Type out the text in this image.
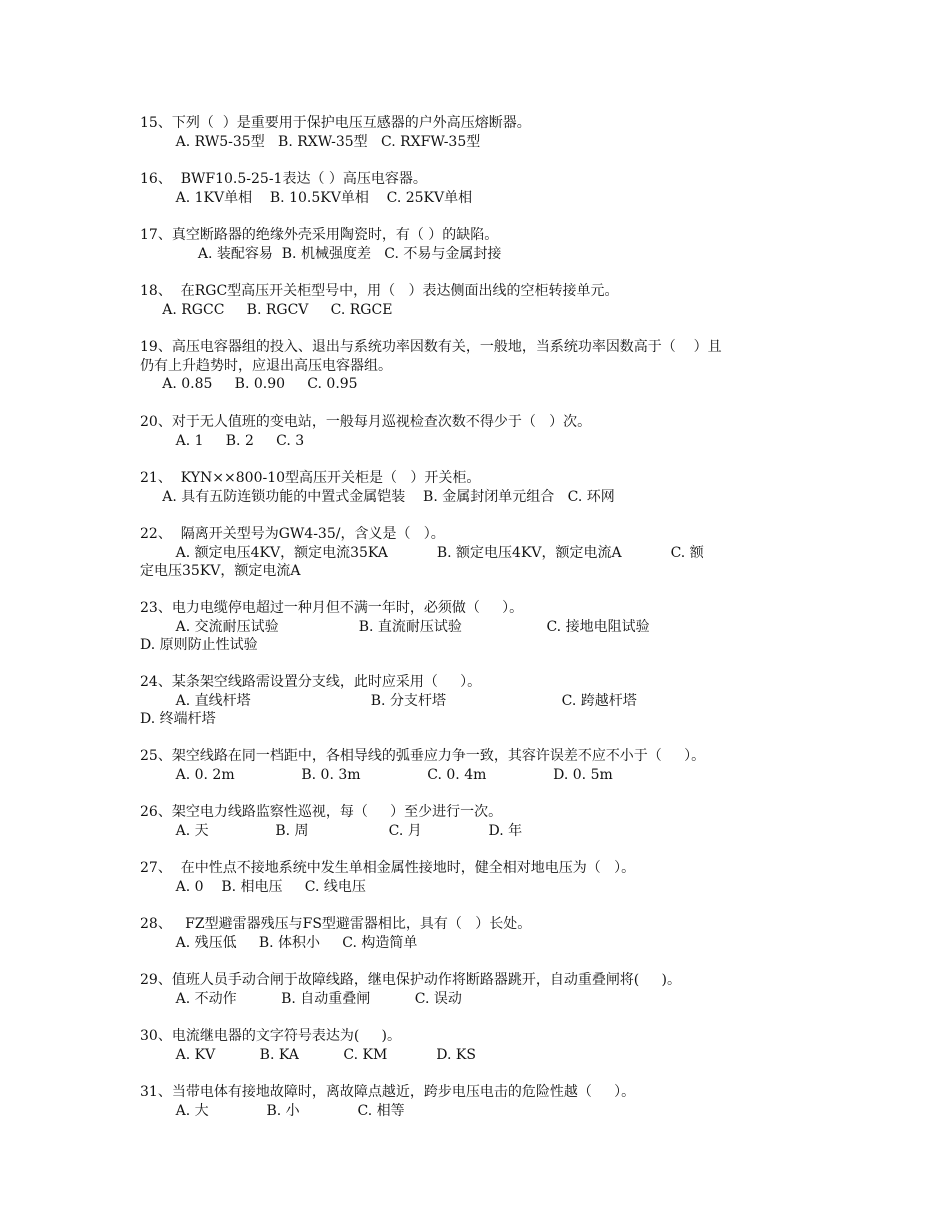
15、下列（  ）是重要用于保护电压互感器的户外高压熔断器。

A. RW5-35型   B. RXW-35型   C. RXFW-35型

16、  BWF10.5-25-1表达（ ）高压电容器。

A. 1KV单相    B. 10.5KV单相    C. 25KV单相

17、真空断路器的绝缘外壳采用陶瓷时，有（ ）的缺陷。

A. 装配容易  B. 机械强度差   C. 不易与金属封接

18、  在RGC型高压开关柜型号中，用（   ）表达侧面出线的空柜转接单元。

A. RGCC     B. RGCV     C. RGCE

19、高压电容器组的投入、退出与系统功率因数有关，一般地，当系统功率因数高于（    ）且

仍有上升趋势时，应退出高压电容器组。

A. 0.85     B. 0.90     C. 0.95

20、对于无人值班的变电站，一般每月巡视检查次数不得少于（   ）次。

A. 1     B. 2     C. 3

21、  KYN××800-10型高压开关柜是（   ）开关柜。

A. 具有五防连锁功能的中置式金属铠装    B. 金属封闭单元组合   C. 环网

22、  隔离开关型号为GW4-35/，含义是（   ）。

A. 额定电压4KV，额定电流35KA           B. 额定电压4KV，额定电流A           C. 额

定电压35KV，额定电流A

23、电力电缆停电超过一种月但不满一年时，必须做（     ）。

A. 交流耐压试验                  B. 直流耐压试验                   C. 接地电阻试验

D. 原则防止性试验

24、某条架空线路需设置分支线，此时应采用（     ）。

A. 直线杆塔                           B. 分支杆塔                          C. 跨越杆塔

D. 终端杆塔

25、架空线路在同一档距中，各相导线的弧垂应力争一致，其容许误差不应不小于（     ）。

A. 0. 2m               B. 0. 3m               C. 0. 4m               D. 0. 5m

26、架空电力线路监察性巡视，每（     ）至少进行一次。

A. 天               B. 周                  C. 月               D. 年

27、  在中性点不接地系统中发生单相金属性接地时，健全相对地电压为（   ）。

A. 0    B. 相电压     C. 线电压

28、   FZ型避雷器残压与FS型避雷器相比，具有（   ）长处。

A. 残压低     B. 体积小     C. 构造简单

29、值班人员手动合闸于故障线路，继电保护动作将断路器跳开，自动重叠闸将(     )。

A. 不动作          B. 自动重叠闸          C. 误动

30、电流继电器的文字符号表达为(     )。

A. KV          B. KA          C. KM           D. KS

31、当带电体有接地故障时，离故障点越近，跨步电压电击的危险性越（     ）。

A. 大             B. 小             C. 相等
